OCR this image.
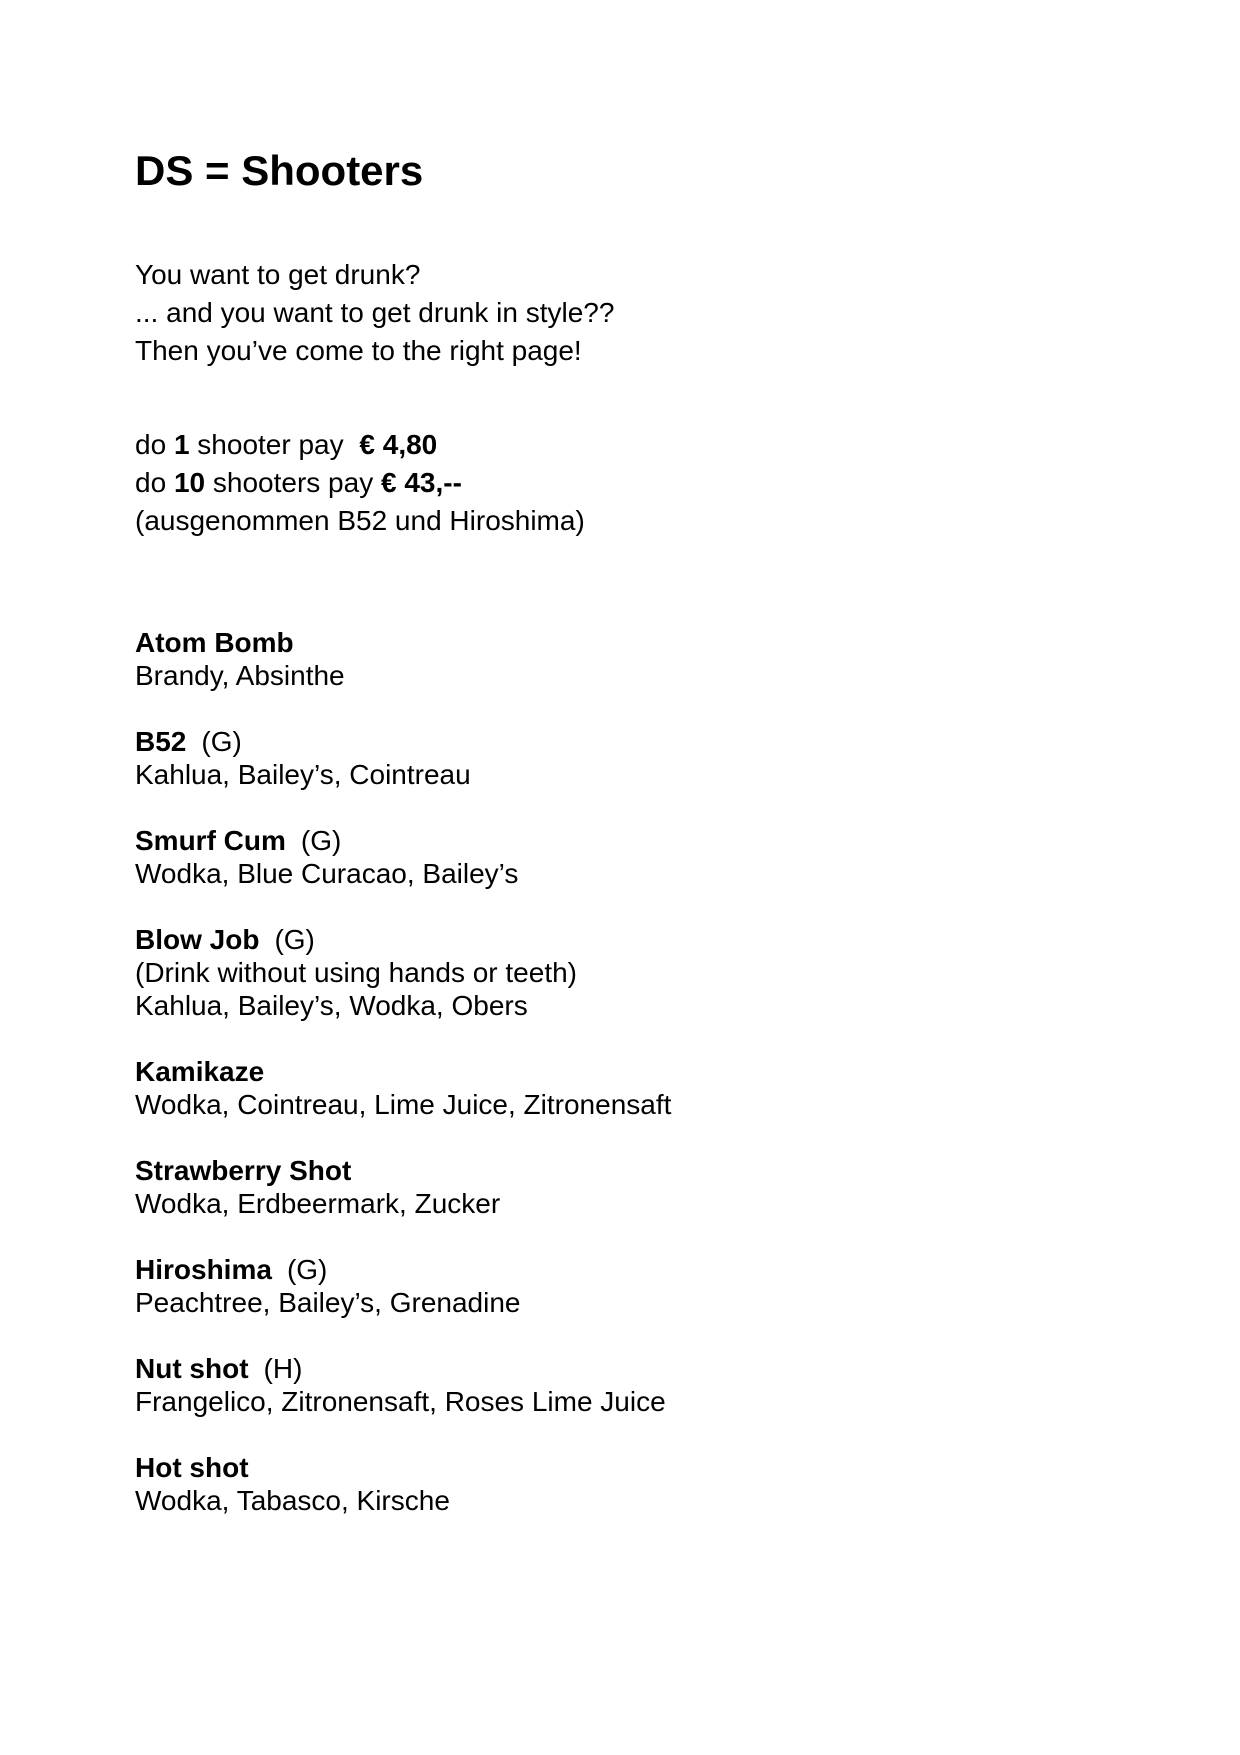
DS = Shooters
You want to get drunk?
... and you want to get drunk in style??
Then you’ve come to the right page!
do 1 shooter pay € 4,80
do 10 shooters pay € 43,--
(ausgenommen B52 und Hiroshima)
Atom Bomb
Brandy, Absinthe
B52 (G)
Kahlua, Bailey’s, Cointreau
Smurf Cum (G)
Wodka, Blue Curacao, Bailey’s
Blow Job (G)
(Drink without using hands or teeth)
Kahlua, Bailey’s, Wodka, Obers
Kamikaze
Wodka, Cointreau, Lime Juice, Zitronensaft
Strawberry Shot
Wodka, Erdbeermark, Zucker
Hiroshima (G)
Peachtree, Bailey’s, Grenadine
Nut shot (H)
Frangelico, Zitronensaft, Roses Lime Juice
Hot shot
Wodka, Tabasco, Kirsche
